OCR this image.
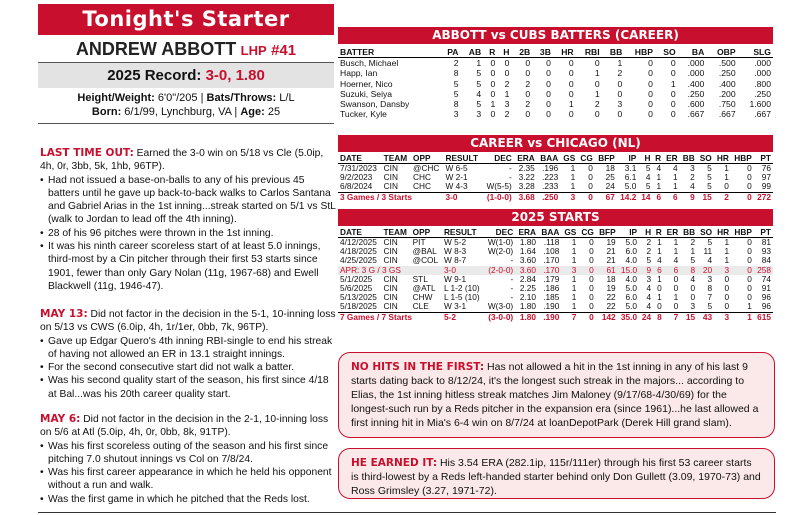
Tonight's Starter
ANDREW ABBOTT LHP #41
2025 Record: 3-0, 1.80
Height/Weight: 6'0"/205 | Bats/Throws: L/L
Born: 6/1/99, Lynchburg, VA | Age: 25
LAST TIME OUT: Earned the 3-0 win on 5/18 vs Cle (5.0ip, 4h, 0r, 3bb, 5k, 1hb, 96TP).
• Had not issued a base-on-balls to any of his previous 45 batters until he gave up back-to-back walks to Carlos Santana and Gabriel Arias in the 1st inning...streak started on 5/1 vs StL (walk to Jordan to lead off the 4th inning).
• 28 of his 96 pitches were thrown in the 1st inning.
• It was his ninth career scoreless start of at least 5.0 innings, third-most by a Cin pitcher through their first 53 starts since 1901, fewer than only Gary Nolan (11g, 1967-68) and Ewell Blackwell (11g, 1946-47).
MAY 13: Did not factor in the decision in the 5-1, 10-inning loss on 5/13 vs CWS (6.0ip, 4h, 1r/1er, 0bb, 7k, 96TP).
• Gave up Edgar Quero's 4th inning RBI-single to end his streak of having not allowed an ER in 13.1 straight innings.
• For the second consecutive start did not walk a batter.
• Was his second quality start of the season, his first since 4/18 at Bal...was his 20th career quality start.
MAY 6: Did not factor in the decision in the 2-1, 10-inning loss on 5/6 at Atl (5.0ip, 4h, 0r, 0bb, 8k, 91TP).
• Was his first scoreless outing of the season and his first since pitching 7.0 shutout innings vs Col on 7/8/24.
• Was his first career appearance in which he held his opponent without a run and walk.
• Was the first game in which he pitched that the Reds lost.
ABBOTT vs CUBS BATTERS (CAREER)
BATTER	PA	AB	R	H	2B	3B	HR	RBI	BB	HBP	SO	BA	OBP	SLG
Busch, Michael	2	1	0	0	0	0	0	0	1	0	0	.000	.500	.000
Happ, Ian	8	5	0	0	0	0	0	1	2	0	0	.000	.250	.000
Hoerner, Nico	5	5	0	2	2	0	0	0	0	0	1	.400	.400	.800
Suzuki, Seiya	5	4	0	1	0	0	0	1	0	0	0	.250	.200	.250
Swanson, Dansby	8	5	1	3	2	0	1	2	3	0	0	.600	.750	1.600
Tucker, Kyle	3	3	0	2	0	0	0	0	0	0	0	.667	.667	.667
CAREER vs CHICAGO (NL)
DATE	TEAM	OPP	RESULT	DEC	ERA	BAA	GS	CG	BFP	IP	H	R	ER	BB	SO	HR	HBP	PT
7/31/2023	CIN	@CHC	W 6-5	-	2.35	.196	1	0	18	3.1	5	4	4	3	5	1	0	76
9/2/2023	CIN	CHC	W 2-1	-	3.22	.223	1	0	25	6.1	4	1	1	2	5	1	0	97
6/8/2024	CIN	CHC	W 4-3	W(5-5)	3.28	.233	1	0	24	5.0	5	1	1	4	5	0	0	99
3 Games / 3 Starts			3-0	(1-0-0)	3.68	.250	3	0	67	14.2	14	6	6	9	15	2	0	272
2025 STARTS
DATE	TEAM	OPP	RESULT	DEC	ERA	BAA	GS	CG	BFP	IP	H	R	ER	BB	SO	HR	HBP	PT
4/12/2025	CIN	PIT	W 5-2	W(1-0)	1.80	.118	1	0	19	5.0	2	1	1	2	5	1	0	81
4/18/2025	CIN	@BAL	W 8-3	W(2-0)	1.64	.108	1	0	21	6.0	2	1	1	1	11	1	0	93
4/25/2025	CIN	@COL	W 8-7	-	3.60	.170	1	0	21	4.0	5	4	4	5	4	1	0	84
APR: 3 G / 3 GS			3-0	(2-0-0)	3.60	.170	3	0	61	15.0	9	6	6	8	20	3	0	258
5/1/2025	CIN	STL	W 9-1	-	2.84	.179	1	0	18	4.0	3	1	0	4	3	0	0	74
5/6/2025	CIN	@ATL	L 1-2 (10)	-	2.25	.186	1	0	19	5.0	4	0	0	0	8	0	0	91
5/13/2025	CIN	CHW	L 1-5 (10)	-	2.10	.185	1	0	22	6.0	4	1	1	0	7	0	0	96
5/18/2025	CIN	CLE	W 3-1	W(3-0)	1.80	.190	1	0	22	5.0	4	0	0	3	5	0	1	96
7 Games / 7 Starts			5-2	(3-0-0)	1.80	.190	7	0	142	35.0	24	8	7	15	43	3	1	615
NO HITS IN THE FIRST: Has not allowed a hit in the 1st inning in any of his last 9 starts dating back to 8/12/24, it's the longest such streak in the majors... according to Elias, the 1st inning hitless streak matches Jim Maloney (9/17/68-4/30/69) for the longest-such run by a Reds pitcher in the expansion era (since 1961)...he last allowed a first inning hit in Mia's 6-4 win on 8/7/24 at loanDepotPark (Derek Hill grand slam).
HE EARNED IT: His 3.54 ERA (282.1ip, 115r/111er) through his first 53 career starts is third-lowest by a Reds left-handed starter behind only Don Gullett (3.09, 1970-73) and Ross Grimsley (3.27, 1971-72).
